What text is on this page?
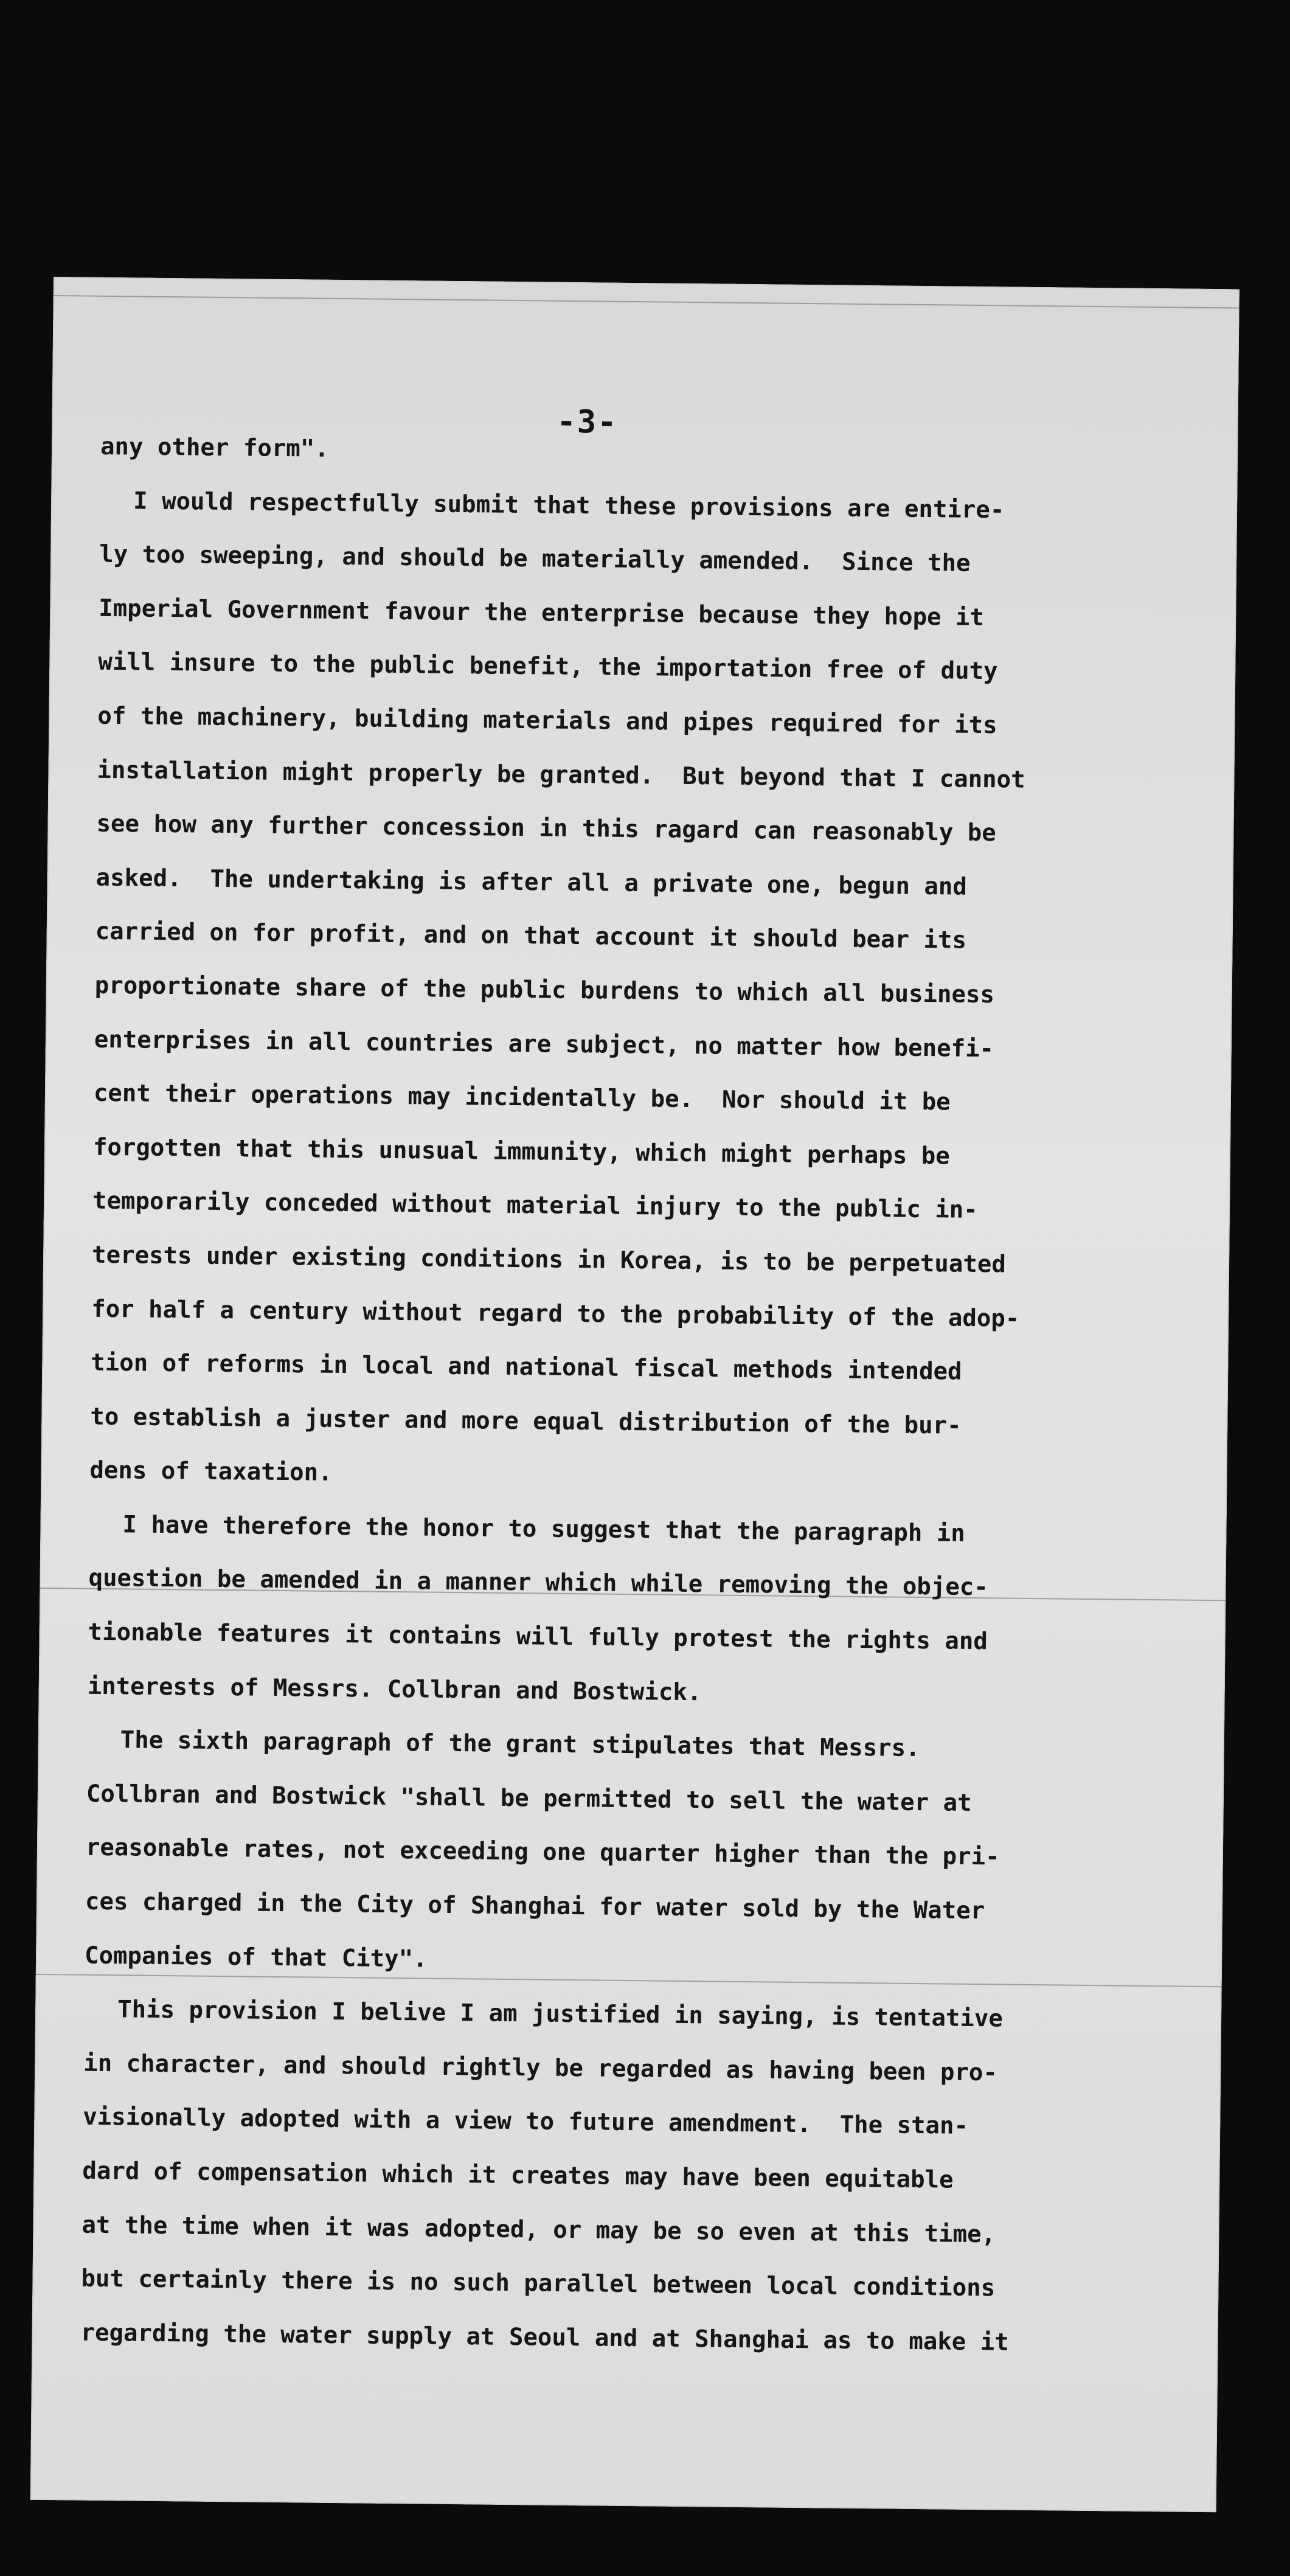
-3-
any other form".
I would respectfully submit that these provisions are entire-
ly too sweeping, and should be materially amended.  Since the
Imperial Government favour the enterprise because they hope it
will insure to the public benefit, the importation free of duty
of the machinery, building materials and pipes required for its
installation might properly be granted.  But beyond that I cannot
see how any further concession in this ragard can reasonably be
asked.  The undertaking is after all a private one, begun and
carried on for profit, and on that account it should bear its
proportionate share of the public burdens to which all business
enterprises in all countries are subject, no matter how benefi-
cent their operations may incidentally be.  Nor should it be
forgotten that this unusual immunity, which might perhaps be
temporarily conceded without material injury to the public in-
terests under existing conditions in Korea, is to be perpetuated
for half a century without regard to the probability of the adop-
tion of reforms in local and national fiscal methods intended
to establish a juster and more equal distribution of the bur-
dens of taxation.
I have therefore the honor to suggest that the paragraph in
question be amended in a manner which while removing the objec-
tionable features it contains will fully protest the rights and
interests of Messrs. Collbran and Bostwick.
The sixth paragraph of the grant stipulates that Messrs.
Collbran and Bostwick "shall be permitted to sell the water at
reasonable rates, not exceeding one quarter higher than the pri-
ces charged in the City of Shanghai for water sold by the Water
Companies of that City".
This provision I belive I am justified in saying, is tentative
in character, and should rightly be regarded as having been pro-
visionally adopted with a view to future amendment.  The stan-
dard of compensation which it creates may have been equitable
at the time when it was adopted, or may be so even at this time,
but certainly there is no such parallel between local conditions
regarding the water supply at Seoul and at Shanghai as to make it
